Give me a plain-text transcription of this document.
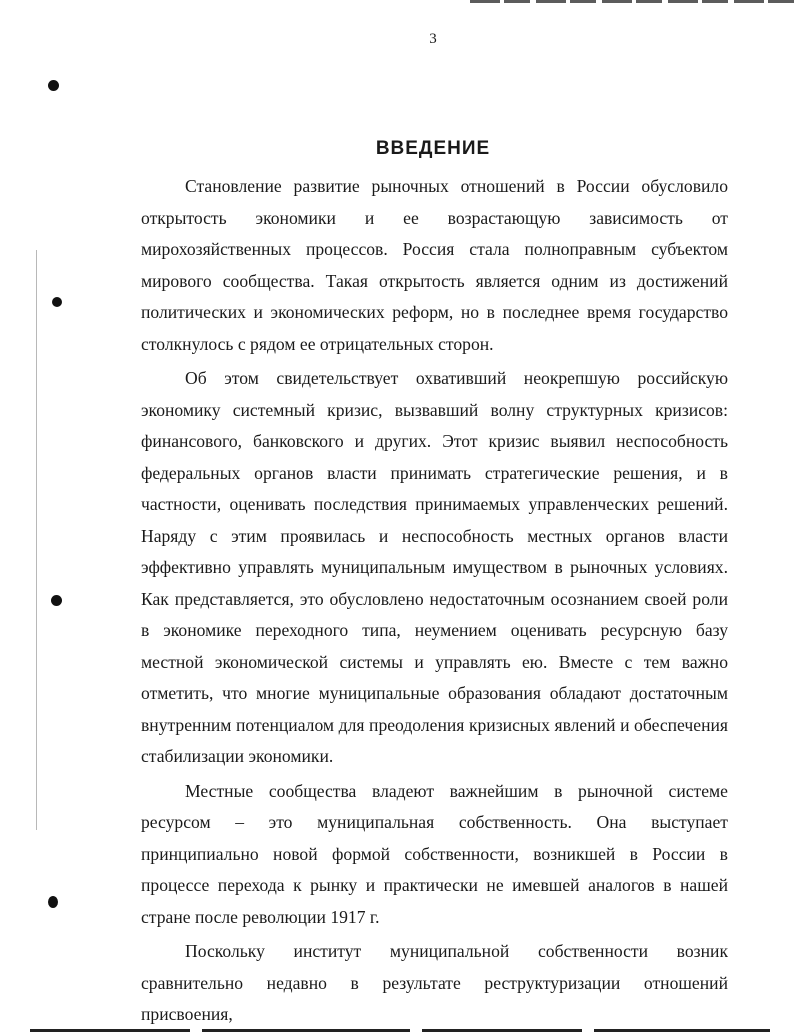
3
ВВЕДЕНИЕ

Становление развитие рыночных отношений в России обусловило открытость экономики и ее возрастающую зависимость от мирохозяйственных процессов. Россия стала полноправным субъектом мирового сообщества. Такая открытость является одним из достижений политических и экономических реформ, но в последнее время государство столкнулось с рядом ее отрицательных сторон.

Об этом свидетельствует охвативший неокрепшую российскую экономику системный кризис, вызвавший волну структурных кризисов: финансового, банковского и других. Этот кризис выявил неспособность федеральных органов власти принимать стратегические решения, и в частности, оценивать последствия принимаемых управленческих решений. Наряду с этим проявилась и неспособность местных органов власти эффективно управлять муниципальным имуществом в рыночных условиях. Как представляется, это обусловлено недостаточным осознанием своей роли в экономике переходного типа, неумением оценивать ресурсную базу местной экономической системы и управлять ею. Вместе с тем важно отметить, что многие муниципальные образования обладают достаточным внутренним потенциалом для преодоления кризисных явлений и обеспечения стабилизации экономики.

Местные сообщества владеют важнейшим в рыночной системе ресурсом – это муниципальная собственность. Она выступает принципиально новой формой собственности, возникшей в России в процессе перехода к рынку и практически не имевшей аналогов в нашей стране после революции 1917 г.

Поскольку институт муниципальной собственности возник сравнительно недавно в результате реструктуризации отношений присвоения,
